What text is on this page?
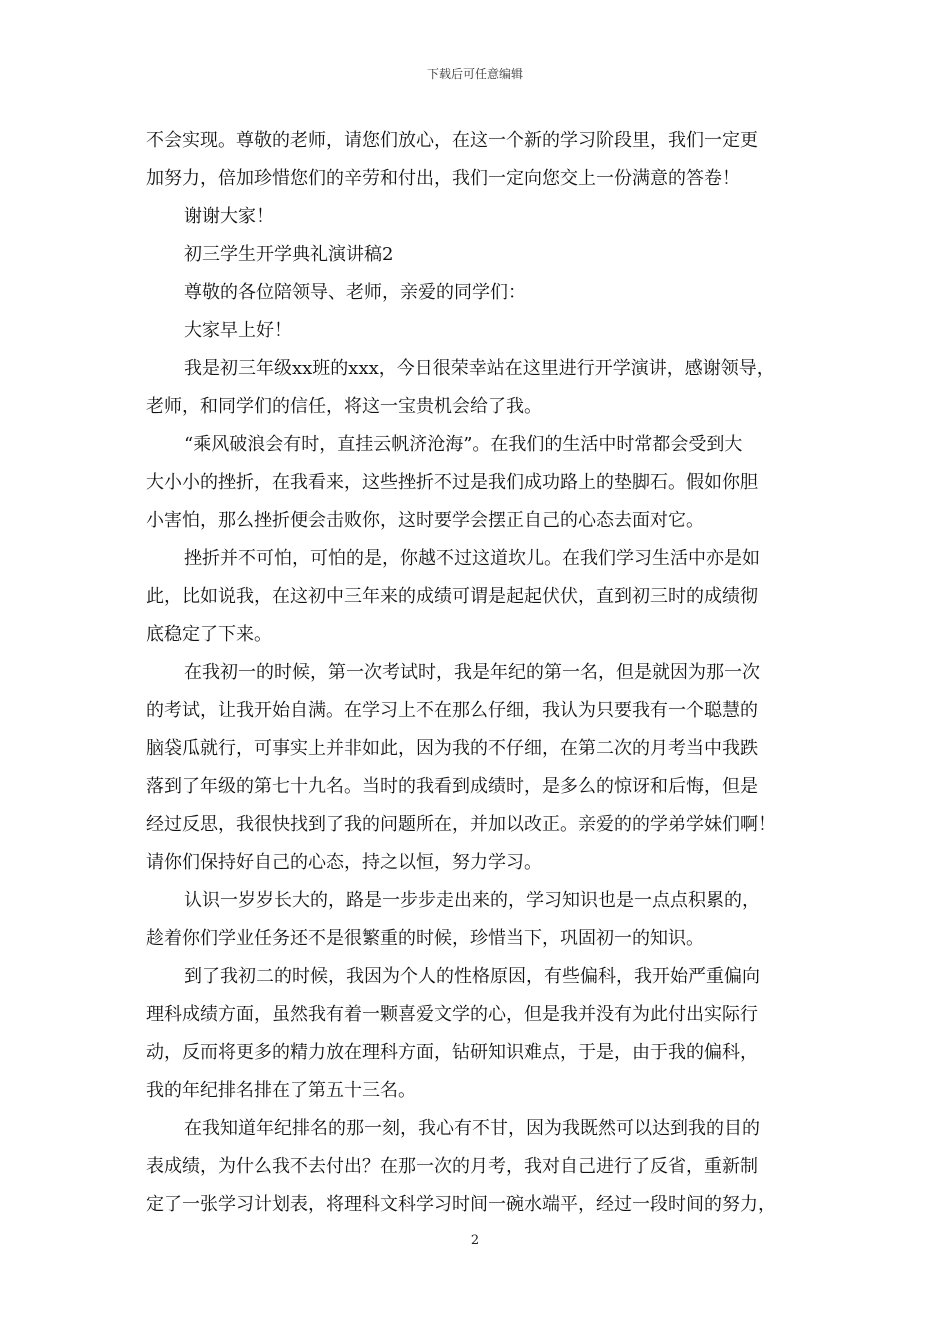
下载后可任意编辑
不会实现。尊敬的老师，请您们放心，在这一个新的学习阶段里，我们一定更
加努力，倍加珍惜您们的辛劳和付出，我们一定向您交上一份满意的答卷！
谢谢大家！
初三学生开学典礼演讲稿2
尊敬的各位陪领导、老师，亲爱的同学们：
大家早上好！
我是初三年级xx班的xxx，今日很荣幸站在这里进行开学演讲，感谢领导，
老师，和同学们的信任，将这一宝贵机会给了我。
“乘风破浪会有时，直挂云帆济沧海”。在我们的生活中时常都会受到大
大小小的挫折，在我看来，这些挫折不过是我们成功路上的垫脚石。假如你胆
小害怕，那么挫折便会击败你，这时要学会摆正自己的心态去面对它。
挫折并不可怕，可怕的是，你越不过这道坎儿。在我们学习生活中亦是如
此，比如说我，在这初中三年来的成绩可谓是起起伏伏，直到初三时的成绩彻
底稳定了下来。
在我初一的时候，第一次考试时，我是年纪的第一名，但是就因为那一次
的考试，让我开始自满。在学习上不在那么仔细，我认为只要我有一个聪慧的
脑袋瓜就行，可事实上并非如此，因为我的不仔细，在第二次的月考当中我跌
落到了年级的第七十九名。当时的我看到成绩时，是多么的惊讶和后悔，但是
经过反思，我很快找到了我的问题所在，并加以改正。亲爱的的学弟学妹们啊！
请你们保持好自己的心态，持之以恒，努力学习。
认识一岁岁长大的，路是一步步走出来的，学习知识也是一点点积累的，
趁着你们学业任务还不是很繁重的时候，珍惜当下，巩固初一的知识。
到了我初二的时候，我因为个人的性格原因，有些偏科，我开始严重偏向
理科成绩方面，虽然我有着一颗喜爱文学的心，但是我并没有为此付出实际行
动，反而将更多的精力放在理科方面，钻研知识难点，于是，由于我的偏科，
我的年纪排名排在了第五十三名。
在我知道年纪排名的那一刻，我心有不甘，因为我既然可以达到我的目的
表成绩，为什么我不去付出？在那一次的月考，我对自己进行了反省，重新制
定了一张学习计划表，将理科文科学习时间一碗水端平，经过一段时间的努力，
2
